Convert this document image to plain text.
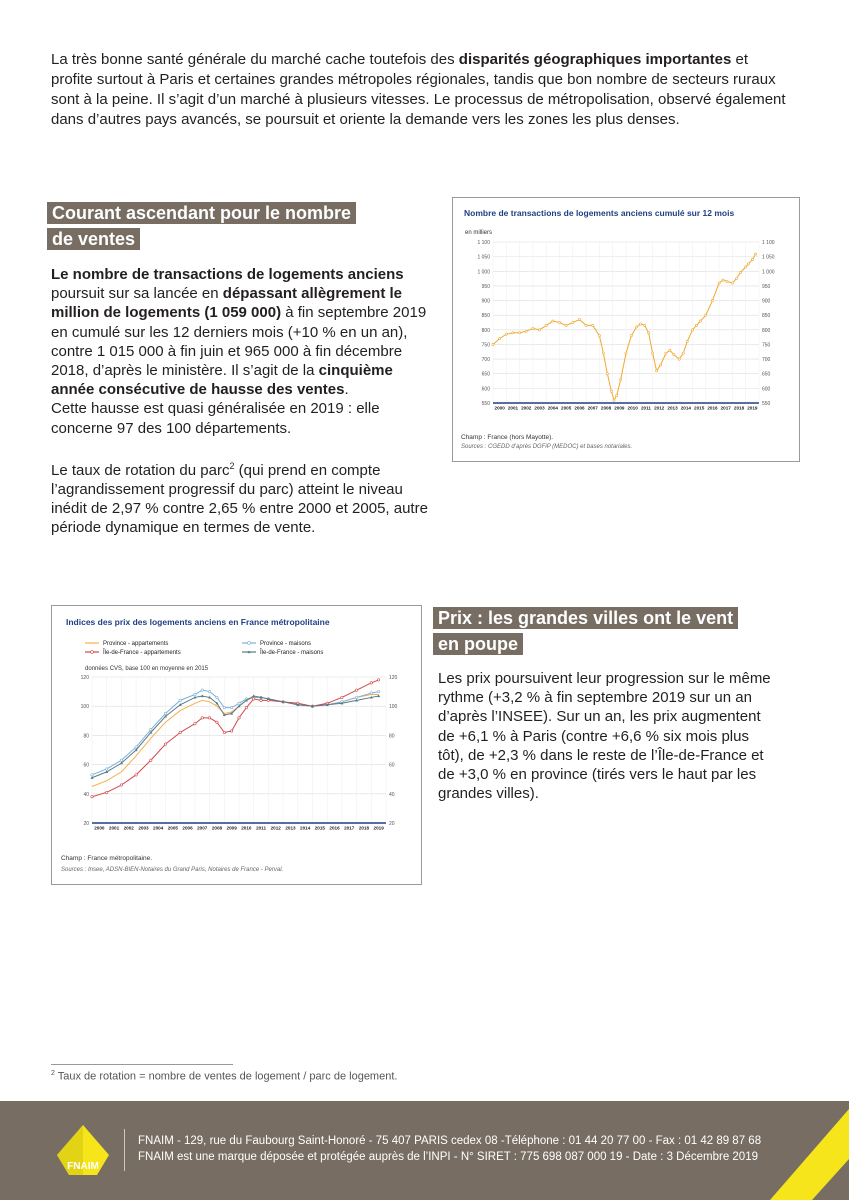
La très bonne santé générale du marché cache toutefois des disparités géographiques importantes et profite surtout à Paris et certaines grandes métropoles régionales, tandis que bon nombre de secteurs ruraux sont à la peine. Il s’agit d’un marché à plusieurs vitesses. Le processus de métropolisation, observé également dans d’autres pays avancés, se poursuit et oriente la demande vers les zones les plus denses.

Courant ascendant pour le nombre
de ventes

Le nombre de transactions de logements anciens poursuit sur sa lancée en dépassant allègrement le million de logements (1 059 000) à fin septembre 2019 en cumulé sur les 12 derniers mois (+10 % en un an), contre 1 015 000 à fin juin et 965 000 à fin décembre 2018, d’après le ministère. Il s’agit de la cinquième année consécutive de hausse des ventes.

Cette hausse est quasi généralisée en 2019 : elle concerne 97 des 100 départements.

Le taux de rotation du parc$^2$ (qui prend en compte l’agrandissement progressif du parc) atteint le niveau inédit de 2,97 % contre 2,65 % entre 2000 et 2005, autre période dynamique en termes de vente.

Nombre de transactions de logements anciens cumulé sur 12 mois
en milliers
550	550
600	600
650	650
700	700
750	750
800	800
850	850
900	900
950	950
1 000	1 000
1 050	1 050
1 100	1 100
2000 2001 2002 2003 2004 2005 2006 2007 2008 2009 2010 2011 2012 2013 2014 2015 2016 2017 2018 2019
Champ : France (hors Mayotte).
Sources : CGEDD d’après DGFiP (MEDOC) et bases notariales.
Indices des prix des logements anciens en France métropolitaine
20	20
40	40
60	60
80	80
100	100
120	120
2000 2001 2002 2003 2004 2005 2006 2007 2008 2009 2010 2011 2012 2013 2014 2015 2016 2017 2018 2019
Province - appartements	Province - maisons
Île-de-France - appartements	Île-de-France - maisons
données CVS, base 100 en moyenne en 2015
Champ : France métropolitaine.
Sources : Insee, ADSN-BIEN-Notaires du Grand Paris, Notaires de France - Perval.
Prix : les grandes villes ont le vent
en poupe

Les prix poursuivent leur progression sur le même rythme (+3,2 % à fin septembre 2019 sur un an d’après l’INSEE). Sur un an, les prix augmentent de +6,1 % à Paris (contre +6,6 % six mois plus tôt), de +2,3 % dans le reste de l’Île-de-France et de +3,0 % en province (tirés vers le haut par les grandes villes).

$^2$ Taux de rotation = nombre de ventes de logement / parc de logement.
FNAIM
FNAIM - 129, rue du Faubourg Saint-Honoré - 75 407 PARIS cedex 08 -Téléphone : 01 44 20 77 00 - Fax : 01 42 89 87 68
FNAIM est une marque déposée et protégée auprès de l’INPI - N° SIRET : 775 698 087 000 19 - Date : 3 Décembre 2019
